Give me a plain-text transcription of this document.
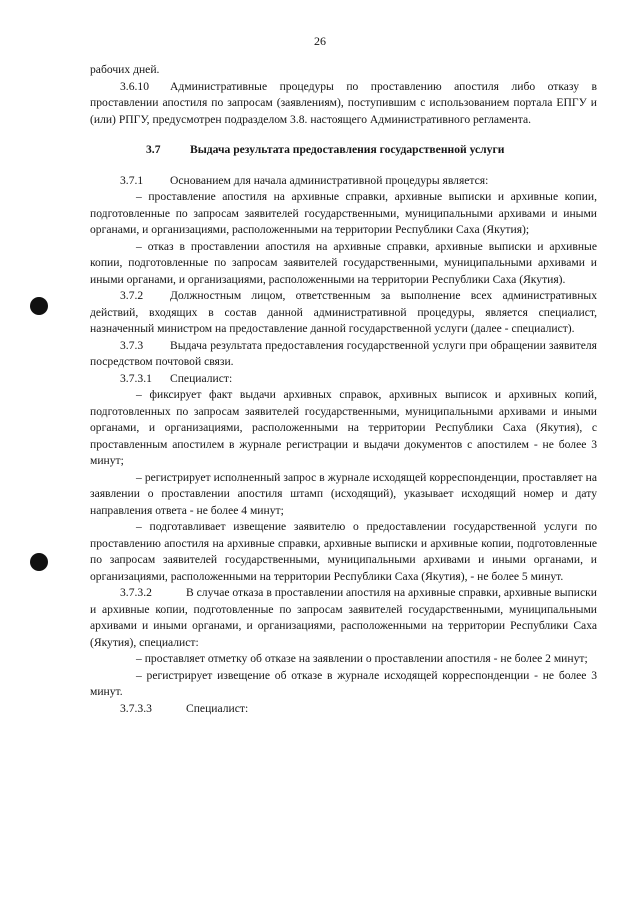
26

рабочих дней.

3.6.10 Административные процедуры по проставлению апостиля либо отказу в проставлении апостиля по запросам (заявлениям), поступившим с использованием портала ЕПГУ и (или) РПГУ, предусмотрен подразделом 3.8. настоящего Административного регламента.

3.7	Выдача результата предоставления государственной услуги

3.7.1 Основанием для начала административной процедуры является:

– проставление апостиля на архивные справки, архивные выписки и архивные копии, подготовленные по запросам заявителей государственными, муниципальными архивами и иными органами, и организациями, расположенными на территории Республики Саха (Якутия);

– отказ в проставлении апостиля на архивные справки, архивные выписки и архивные копии, подготовленные по запросам заявителей государственными, муниципальными архивами и иными органами, и организациями, расположенными на территории Республики Саха (Якутия).

3.7.2 Должностным лицом, ответственным за выполнение всех административных действий, входящих в состав данной административной процедуры, является специалист, назначенный министром на предоставление данной государственной услуги (далее - специалист).

3.7.3 Выдача результата предоставления государственной услуги при обращении заявителя посредством почтовой связи.

3.7.3.1 Специалист:

– фиксирует факт выдачи архивных справок, архивных выписок и архивных копий, подготовленных по запросам заявителей государственными, муниципальными архивами и иными органами, и организациями, расположенными на территории Республики Саха (Якутия), с проставленным апостилем в журнале регистрации и выдачи документов с апостилем - не более 3 минут;

– регистрирует исполненный запрос в журнале исходящей корреспонденции, проставляет на заявлении о проставлении апостиля штамп (исходящий), указывает исходящий номер и дату направления ответа - не более 4 минут;

– подготавливает извещение заявителю о предоставлении государственной услуги по проставлению апостиля на архивные справки, архивные выписки и архивные копии, подготовленные по запросам заявителей государственными, муниципальными архивами и иными органами, и организациями, расположенными на территории Республики Саха (Якутия), - не более 5 минут.

3.7.3.2	В случае отказа в проставлении апостиля на архивные справки, архивные выписки и архивные копии, подготовленные по запросам заявителей государственными, муниципальными архивами и иными органами, и организациями, расположенными на территории Республики Саха (Якутия), специалист:

– проставляет отметку об отказе на заявлении о проставлении апостиля - не более 2 минут;

– регистрирует извещение об отказе в журнале исходящей корреспонденции - не более 3 минут.

3.7.3.3	Специалист:
